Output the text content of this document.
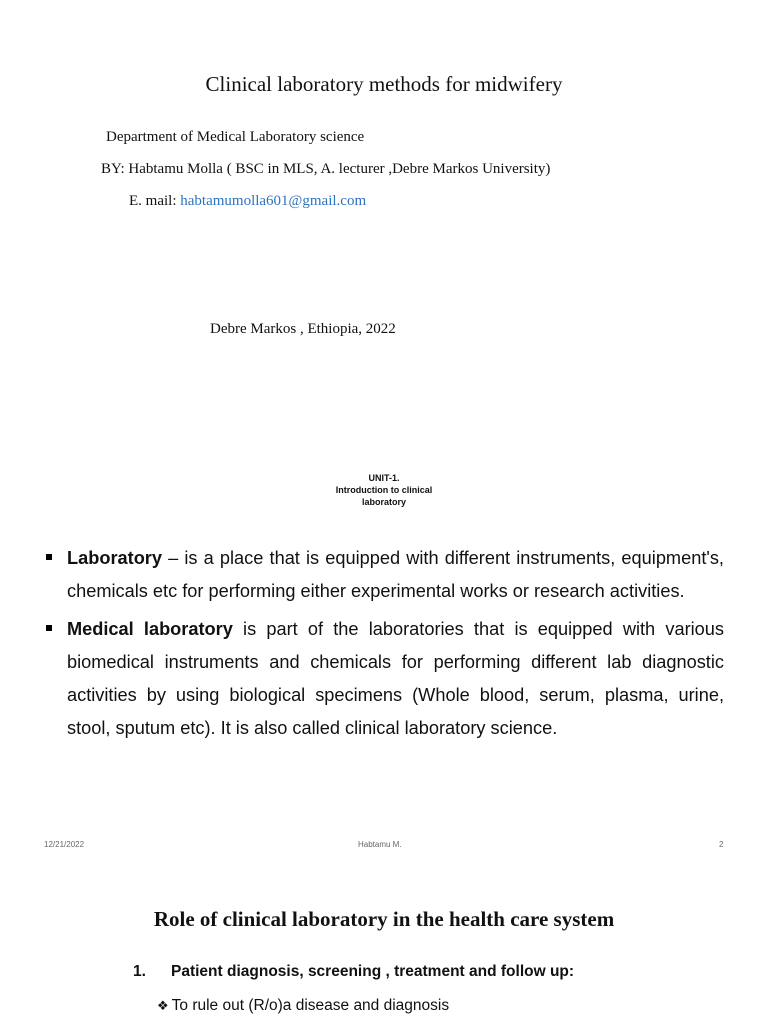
Clinical laboratory methods for midwifery
Department of Medical Laboratory science
BY: Habtamu Molla ( BSC in MLS, A. lecturer ,Debre Markos University)
E. mail: habtamumolla601@gmail.com
Debre Markos , Ethiopia, 2022
UNIT-1.
Introduction to clinical
laboratory
Laboratory – is a place that is equipped with different instruments, equipment's, chemicals etc for performing either experimental works or research activities.
Medical laboratory is part of the laboratories that is equipped with various biomedical instruments and chemicals for performing different lab diagnostic activities by using biological specimens (Whole blood, serum, plasma, urine, stool, sputum etc). It is also called clinical laboratory science.
12/21/2022	Habtamu M.	2
Role of clinical laboratory in the health care system
1. Patient diagnosis, screening , treatment and follow up:
❖ To rule out (R/o)a disease and diagnosis
